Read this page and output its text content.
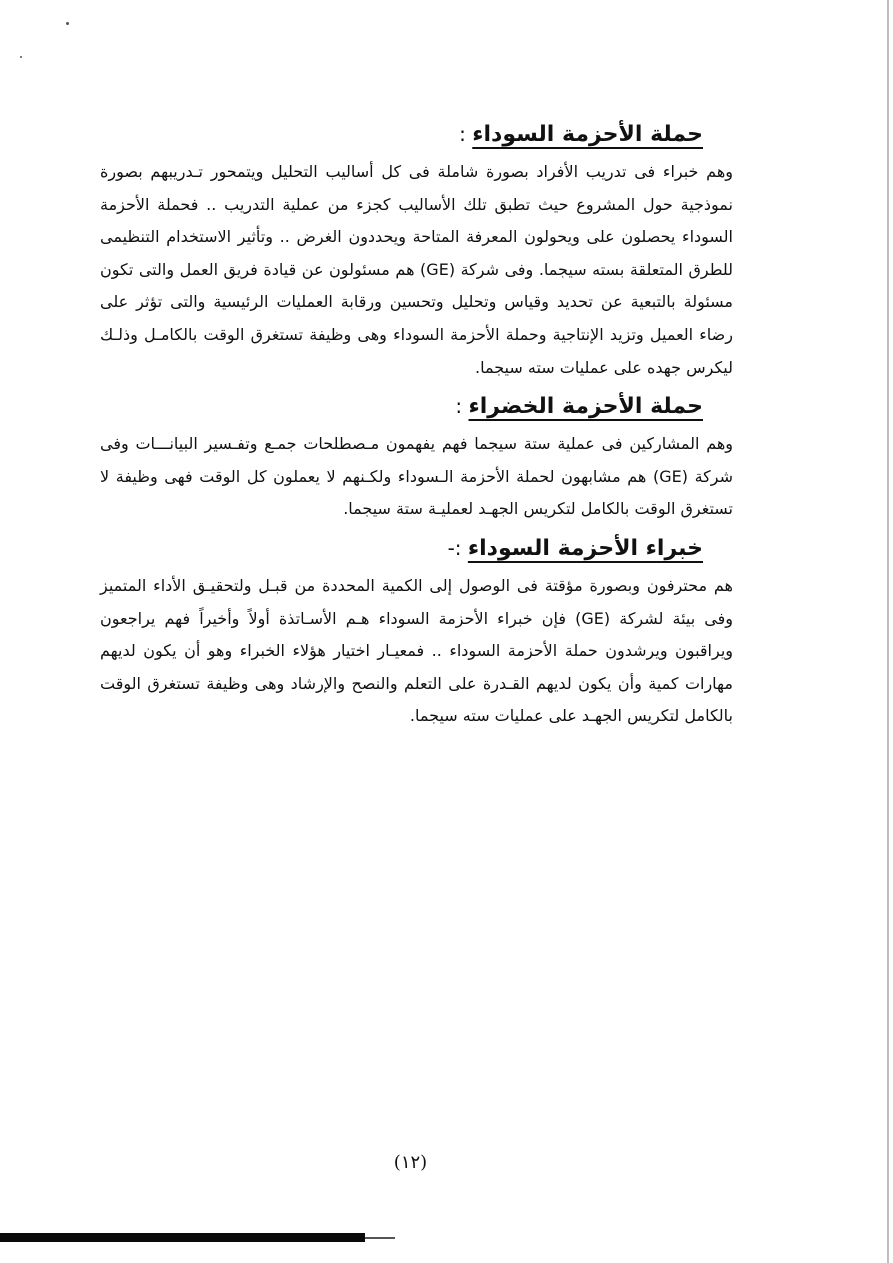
حملة الأحزمة السوداء :

وهم خبراء فى تدريب الأفراد بصورة شاملة فى كل أساليب التحليل ويتمحور تـدريبهم بصورة نموذجية حول المشروع حيث تطبق تلك الأساليب كجزء من عملية التدريب .. فحملة الأحزمة السوداء يحصلون على ويحولون المعرفة المتاحة ويحددون الغرض .. وتأثير الاستخدام التنظيمى للطرق المتعلقة بسته سيجما. وفى شركة (GE) هم مسئولون عن قيادة فريق العمل والتى تكون مسئولة بالتبعية عن تحديد وقياس وتحليل وتحسين ورقابة العمليات الرئيسية والتى تؤثر على رضاء العميل وتزيد الإنتاجية وحملة الأحزمة السوداء وهى وظيفة تستغرق الوقت بالكامـل وذلـك ليكرس جهده على عمليات سته سيجما.

حملة الأحزمة الخضراء :

وهم المشاركين فى عملية ستة سيجما فهم يفهمون مـصطلحات جمـع وتفـسير البيانـــات وفى شركة (GE) هم مشابهون لحملة الأحزمة الـسوداء ولكـنهم لا يعملون كل الوقت فهى وظيفة لا تستغرق الوقت بالكامل لتكريس الجهـد لعمليـة ستة سيجما.

خبراء الأحزمة السوداء :-

هم محترفون وبصورة مؤقتة فى الوصول إلى الكمية المحددة من قبـل ولتحقيـق الأداء المتميز وفى بيئة لشركة (GE) فإن خبراء الأحزمة السوداء هـم الأسـاتذة أولاً وأخيراً فهم يراجعون ويراقبون ويرشدون حملة الأحزمة السوداء .. فمعيـار اختيار هؤلاء الخبراء وهو أن يكون لديهم مهارات كمية وأن يكون لديهم القـدرة على التعلم والنصح والإرشاد وهى وظيفة تستغرق الوقت بالكامل لتكريس الجهـد على عمليات سته سيجما.

(١٢)
